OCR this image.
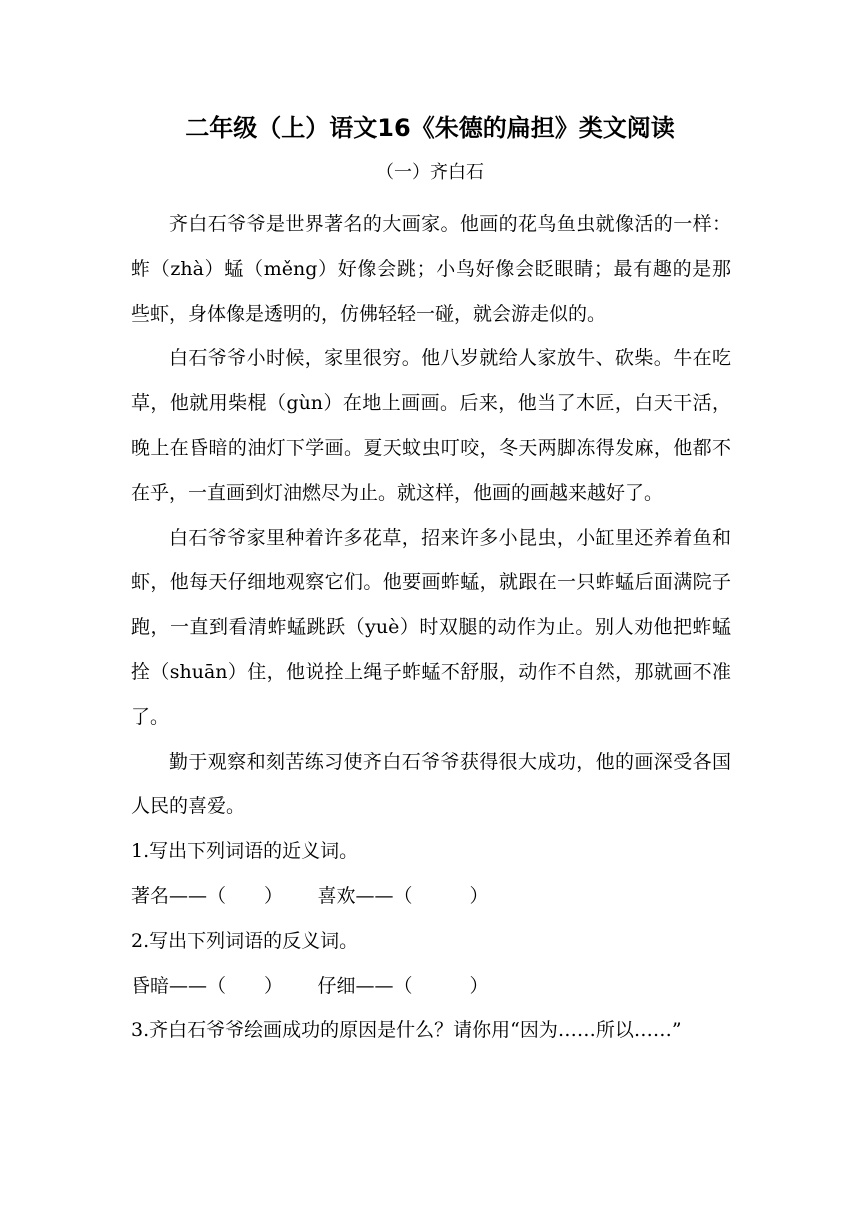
二年级（上）语文16《朱德的扁担》类文阅读
（一）齐白石

齐白石爷爷是世界著名的大画家。他画的花鸟鱼虫就像活的一样：蚱（zhà）蜢（měng）好像会跳；小鸟好像会眨眼睛；最有趣的是那些虾，身体像是透明的，仿佛轻轻一碰，就会游走似的。

白石爷爷小时候，家里很穷。他八岁就给人家放牛、砍柴。牛在吃草，他就用柴棍（gùn）在地上画画。后来，他当了木匠，白天干活，晚上在昏暗的油灯下学画。夏天蚊虫叮咬，冬天两脚冻得发麻，他都不在乎，一直画到灯油燃尽为止。就这样，他画的画越来越好了。

白石爷爷家里种着许多花草，招来许多小昆虫，小缸里还养着鱼和虾，他每天仔细地观察它们。他要画蚱蜢，就跟在一只蚱蜢后面满院子跑，一直到看清蚱蜢跳跃（yuè）时双腿的动作为止。别人劝他把蚱蜢拴（shuān）住，他说拴上绳子蚱蜢不舒服，动作不自然，那就画不准了。

勤于观察和刻苦练习使齐白石爷爷获得很大成功，他的画深受各国人民的喜爱。

1.写出下列词语的近义词。

著名——（　　）　　 喜欢——（　　　）

2.写出下列词语的反义词。

昏暗——（　　）　　 仔细——（　　　）

3.齐白石爷爷绘画成功的原因是什么？请你用“因为……所以……”
